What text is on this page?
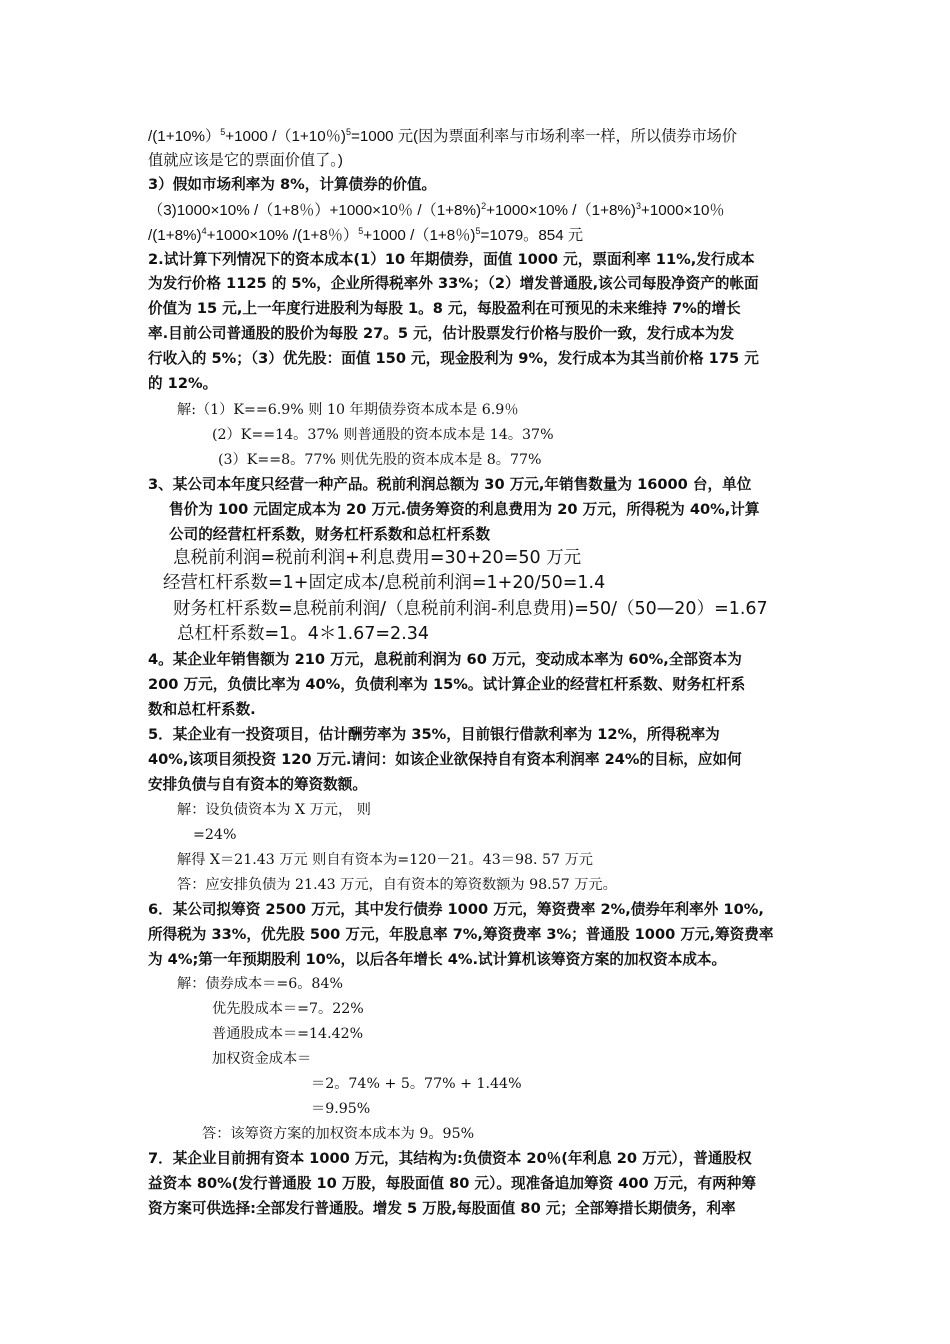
/(1+10%）$^5$+1000 /（1+10％)$^5$=1000 元(因为票面利率与市场利率一样，所以债券市场价
值就应该是它的票面价值了。)
3）假如市场利率为 8%，计算债券的价值。
（3)1000×10% /（1+8％）+1000×10％ /（1+8%)$^2$+1000×10% /（1+8%)$^3$+1000×10％
$/(1+8\%)^4+1000\times 10\%$ /(1+8％）$^5$+1000 /（1+8％)$^5$=1079。854 元
2.试计算下列情况下的资本成本(1）10 年期债券，面值 1000 元，票面利率 11%,发行成本
为发行价格 1125 的 5%，企业所得税率外 33%；（2）增发普通股,该公司每股净资产的帐面
价值为 15 元,上一年度行进股利为每股 1。8 元，每股盈利在可预见的未来维持 7%的增长
率.目前公司普通股的股价为每股 27。5 元，估计股票发行价格与股价一致，发行成本为发
行收入的 5%；（3）优先股：面值 150 元，现金股利为 9%，发行成本为其当前价格 175 元
的 12%。
解:（1）K==6.9% 则 10 年期债券资本成本是 6.9％
(2）K==14。37% 则普通股的资本成本是 14。37%
(3）K==8。77% 则优先股的资本成本是 8。77%
3、某公司本年度只经营一种产品。税前利润总额为 30 万元,年销售数量为 16000 台，单位
售价为 100 元固定成本为 20 万元.债务筹资的利息费用为 20 万元，所得税为 40%,计算
公司的经营杠杆系数，财务杠杆系数和总杠杆系数
息税前利润=税前利润+利息费用=30+20=50 万元
经营杠杆系数=1+固定成本/息税前利润=1+20/50=1.4
财务杠杆系数=息税前利润/（息税前利润-利息费用)=50/（50—20）=1.67
总杠杆系数=1。4＊1.67=2.34
4。某企业年销售额为 210 万元，息税前利润为 60 万元，变动成本率为 60%,全部资本为
200 万元，负债比率为 40%，负债利率为 15%。试计算企业的经营杠杆系数、财务杠杆系
数和总杠杆系数.
5．某企业有一投资项目，估计酬劳率为 35%，目前银行借款利率为 12%，所得税率为
40%,该项目须投资 120 万元.请问：如该企业欲保持自有资本利润率 24%的目标，应如何
安排负债与自有资本的筹资数额。
解：设负债资本为 X 万元， 则
=24%
解得 X＝21.43 万元 则自有资本为=120－21。43＝98. 57 万元
答：应安排负债为 21.43 万元，自有资本的筹资数额为 98.57 万元。
6．某公司拟筹资 2500 万元，其中发行债券 1000 万元，筹资费率 2%,债券年利率外 10%,
所得税为 33%，优先股 500 万元，年股息率 7%,筹资费率 3%；普通股 1000 万元,筹资费率
为 4%;第一年预期股利 10%，以后各年增长 4%.试计算机该筹资方案的加权资本成本。
解：债券成本＝=6。84%
优先股成本＝=7。22%
普通股成本＝=14.42%
加权资金成本＝
＝2。74% + 5。77% + 1.44%
＝9.95%
答：该筹资方案的加权资本成本为 9。95%
7．某企业目前拥有资本 1000 万元，其结构为:负债资本 20％(年利息 20 万元），普通股权
益资本 80%(发行普通股 10 万股，每股面值 80 元）。现准备追加筹资 400 万元，有两种筹
资方案可供选择:全部发行普通股。增发 5 万股,每股面值 80 元；全部筹措长期债务，利率
